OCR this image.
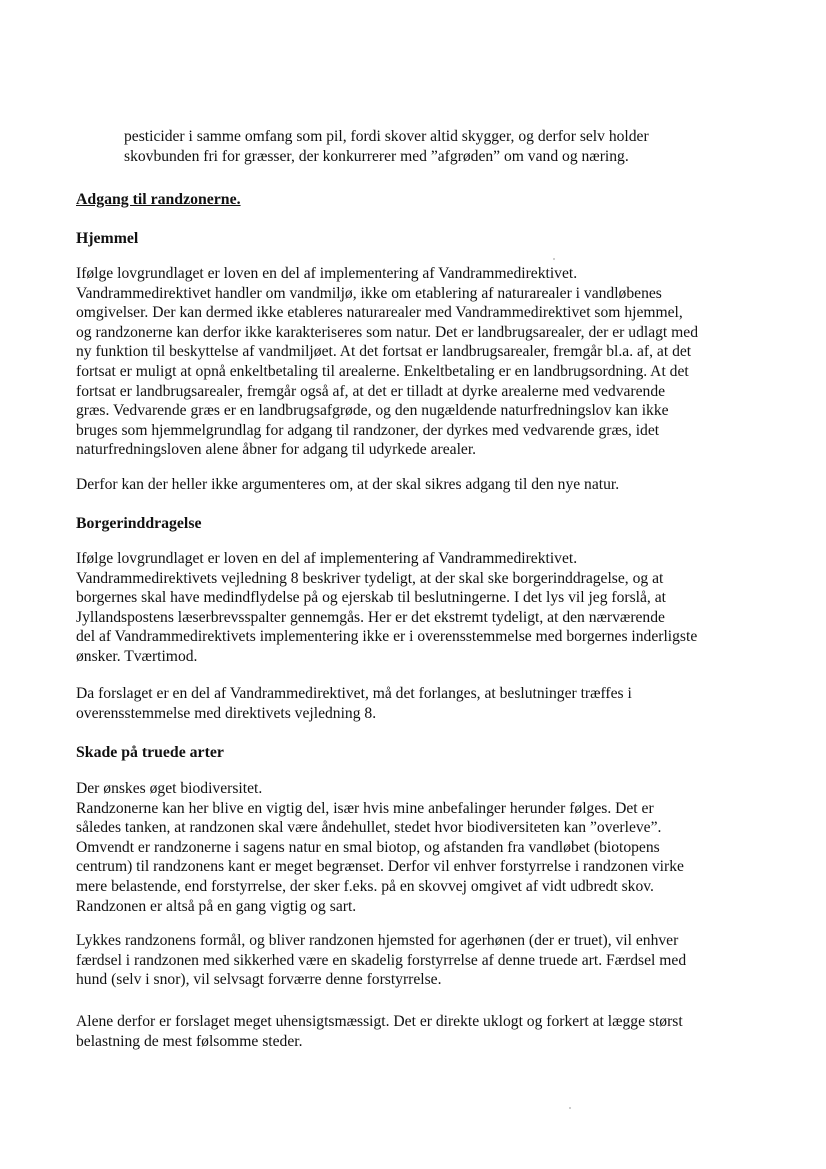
pesticider i samme omfang som pil, fordi skover altid skygger, og derfor selv holder
skovbunden fri for græsser, der konkurrerer med ”afgrøden” om vand og næring.

Adgang til randzonerne.

Hjemmel

Ifølge lovgrundlaget er loven en del af implementering af Vandrammedirektivet.
Vandrammedirektivet handler om vandmiljø, ikke om etablering af naturarealer i vandløbenes
omgivelser. Der kan dermed ikke etableres naturarealer med Vandrammedirektivet som hjemmel,
og randzonerne kan derfor ikke karakteriseres som natur. Det er landbrugsarealer, der er udlagt med
ny funktion til beskyttelse af vandmiljøet. At det fortsat er landbrugsarealer, fremgår bl.a. af, at det
fortsat er muligt at opnå enkeltbetaling til arealerne. Enkeltbetaling er en landbrugsordning. At det
fortsat er landbrugsarealer, fremgår også af, at det er tilladt at dyrke arealerne med vedvarende
græs. Vedvarende græs er en landbrugsafgrøde, og den nugældende naturfredningslov kan ikke
bruges som hjemmelgrundlag for adgang til randzoner, der dyrkes med vedvarende græs, idet
naturfredningsloven alene åbner for adgang til udyrkede arealer.

Derfor kan der heller ikke argumenteres om, at der skal sikres adgang til den nye natur.

Borgerinddragelse

Ifølge lovgrundlaget er loven en del af implementering af Vandrammedirektivet.
Vandrammedirektivets vejledning 8 beskriver tydeligt, at der skal ske borgerinddragelse, og at
borgernes skal have medindflydelse på og ejerskab til beslutningerne. I det lys vil jeg forslå, at
Jyllandspostens læserbrevsspalter gennemgås. Her er det ekstremt tydeligt, at den nærværende
del af Vandrammedirektivets implementering ikke er i overensstemmelse med borgernes inderligste
ønsker. Tværtimod.

Da forslaget er en del af Vandrammedirektivet, må det forlanges, at beslutninger træffes i
overensstemmelse med direktivets vejledning 8.

Skade på truede arter

Der ønskes øget biodiversitet.
Randzonerne kan her blive en vigtig del, især hvis mine anbefalinger herunder følges. Det er
således tanken, at randzonen skal være åndehullet, stedet hvor biodiversiteten kan ”overleve”.
Omvendt er randzonerne i sagens natur en smal biotop, og afstanden fra vandløbet (biotopens
centrum) til randzonens kant er meget begrænset. Derfor vil enhver forstyrrelse i randzonen virke
mere belastende, end forstyrrelse, der sker f.eks. på en skovvej omgivet af vidt udbredt skov.
Randzonen er altså på en gang vigtig og sart.

Lykkes randzonens formål, og bliver randzonen hjemsted for agerhønen (der er truet), vil enhver
færdsel i randzonen med sikkerhed være en skadelig forstyrrelse af denne truede art. Færdsel med
hund (selv i snor), vil selvsagt forværre denne forstyrrelse.

Alene derfor er forslaget meget uhensigtsmæssigt. Det er direkte uklogt og forkert at lægge størst
belastning de mest følsomme steder.
